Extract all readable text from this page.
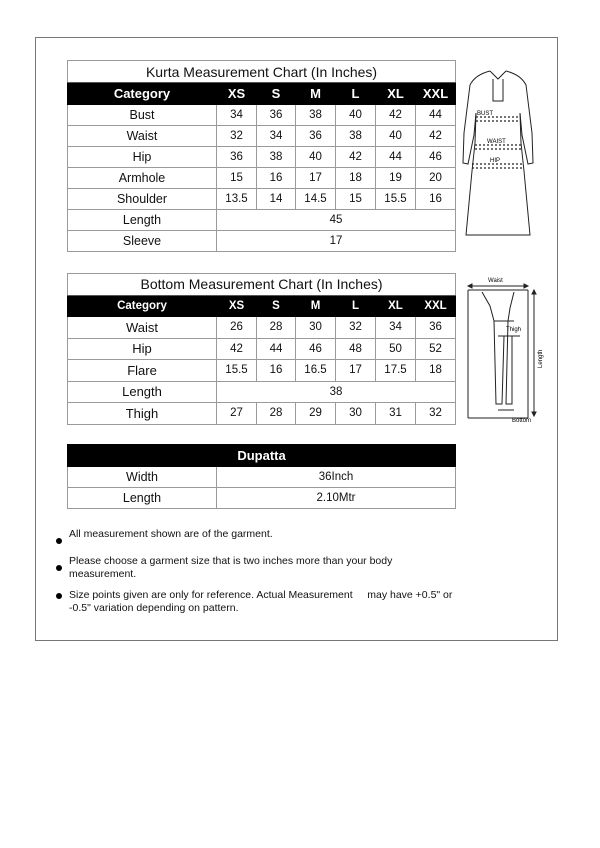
Kurta Measurement Chart (In Inches)						
Category	XS	S	M	L	XL	XXL
Bust	34	36	38	40	42	44
Waist	32	34	36	38	40	42
Hip	36	38	40	42	44	46
Armhole	15	16	17	18	19	20
Shoulder	13.5	14	14.5	15	15.5	16
Length	45					
Sleeve	17					
Bottom Measurement Chart (In Inches)						
Category	XS	S	M	L	XL	XXL
Waist	26	28	30	32	34	36
Hip	42	44	46	48	50	52
Flare	15.5	16	16.5	17	17.5	18
Length	38					
Thigh	27	28	29	30	31	32
Dupatta	
Width	36Inch
Length	2.10Mtr
BUST
WAIST
HIP
Waist
Thigh
Length
Bottom
All measurement shown are of the garment.
Please choose a garment size that is two inches more than your body measurement.
Size points given are only for reference. Actual Measurement     may have +0.5" or -0.5" variation depending on pattern.
